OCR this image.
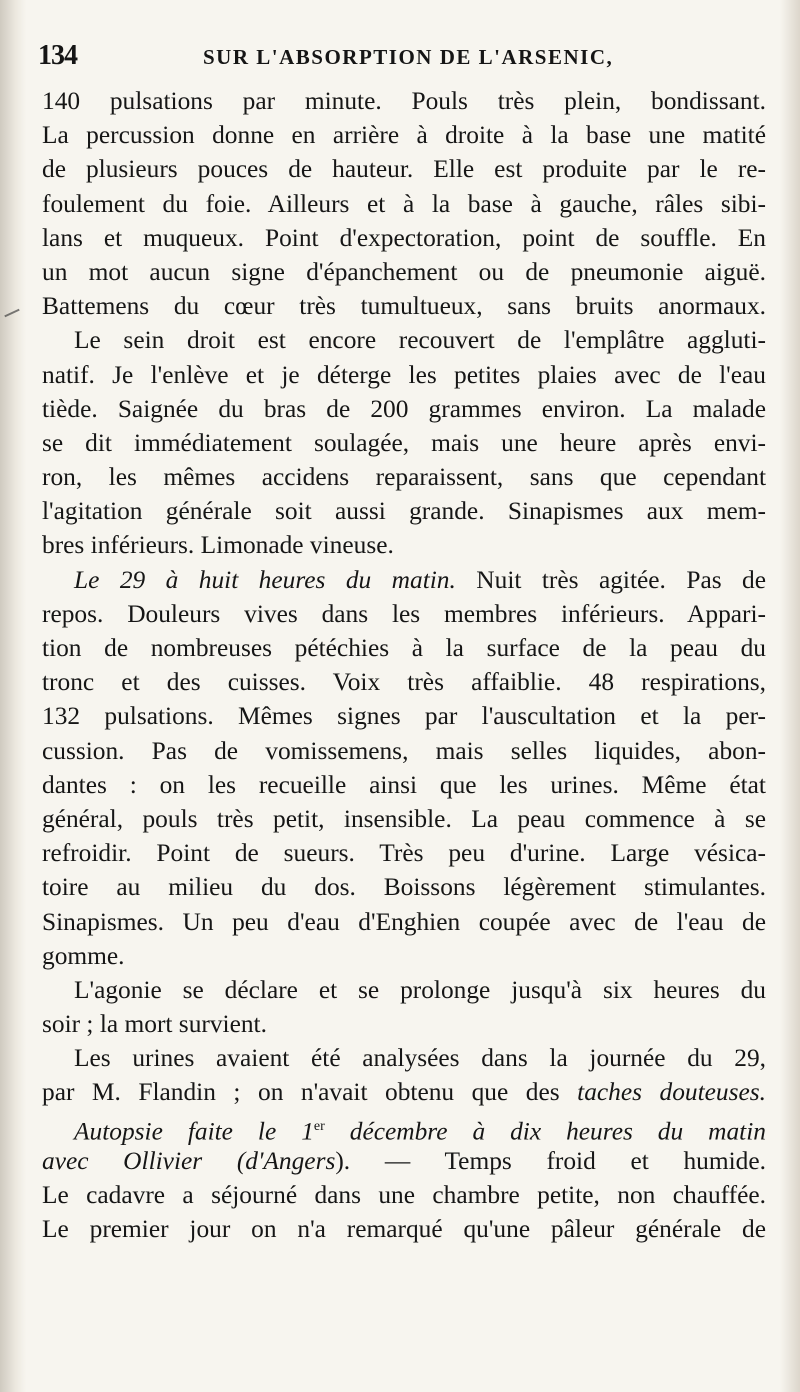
134	SUR L'ABSORPTION DE L'ARSENIC,
140 pulsations par minute. Pouls très plein, bondissant.
La percussion donne en arrière à droite à la base une matité
de plusieurs pouces de hauteur. Elle est produite par le re-
foulement du foie. Ailleurs et à la base à gauche, râles sibi-
lans et muqueux. Point d'expectoration, point de souffle. En
un mot aucun signe d'épanchement ou de pneumonie aiguë.
Battemens du cœur très tumultueux, sans bruits anormaux.
Le sein droit est encore recouvert de l'emplâtre aggluti-
natif. Je l'enlève et je déterge les petites plaies avec de l'eau
tiède. Saignée du bras de 200 grammes environ. La malade
se dit immédiatement soulagée, mais une heure après envi-
ron, les mêmes accidens reparaissent, sans que cependant
l'agitation générale soit aussi grande. Sinapismes aux mem-
bres inférieurs. Limonade vineuse.
Le 29 à huit heures du matin. Nuit très agitée. Pas de
repos. Douleurs vives dans les membres inférieurs. Appari-
tion de nombreuses pétéchies à la surface de la peau du
tronc et des cuisses. Voix très affaiblie. 48 respirations,
132 pulsations. Mêmes signes par l'auscultation et la per-
cussion. Pas de vomissemens, mais selles liquides, abon-
dantes : on les recueille ainsi que les urines. Même état
général, pouls très petit, insensible. La peau commence à se
refroidir. Point de sueurs. Très peu d'urine. Large vésica-
toire au milieu du dos. Boissons légèrement stimulantes.
Sinapismes. Un peu d'eau d'Enghien coupée avec de l'eau de
gomme.
L'agonie se déclare et se prolonge jusqu'à six heures du
soir ; la mort survient.
Les urines avaient été analysées dans la journée du 29,
par M. Flandin ; on n'avait obtenu que des taches douteuses.
Autopsie faite le 1er décembre à dix heures du matin
avec Ollivier (d'Angers). — Temps froid et humide.
Le cadavre a séjourné dans une chambre petite, non chauffée.
Le premier jour on n'a remarqué qu'une pâleur générale de
